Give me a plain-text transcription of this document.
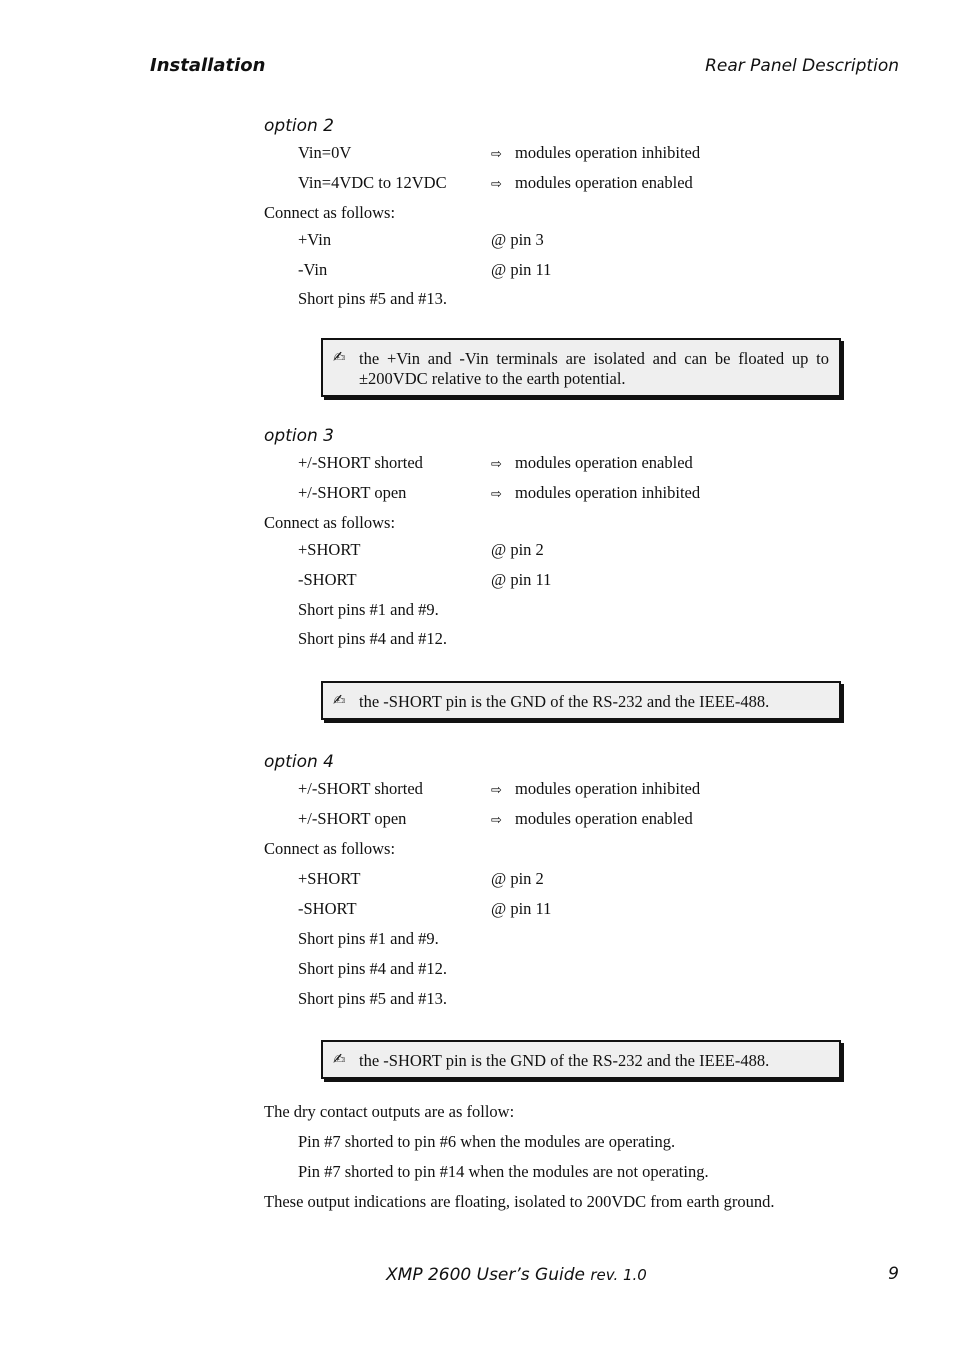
Installation	Rear Panel Description
option 2
Vin=0V	⇨ modules operation inhibited
Vin=4VDC to 12VDC	⇨ modules operation enabled
Connect as follows:
+Vin	@ pin 3
-Vin	@ pin 11
Short pins #5 and #13.
✍ the +Vin and -Vin terminals are isolated and can be floated up to ±200VDC relative to the earth potential.
option 3
+/-SHORT shorted	⇨ modules operation enabled
+/-SHORT open	⇨ modules operation inhibited
Connect as follows:
+SHORT	@ pin 2
-SHORT	@ pin 11
Short pins #1 and #9.
Short pins #4 and #12.
✍ the -SHORT pin is the GND of the RS-232 and the IEEE-488.
option 4
+/-SHORT shorted	⇨ modules operation inhibited
+/-SHORT open	⇨ modules operation enabled
Connect as follows:
+SHORT	@ pin 2
-SHORT	@ pin 11
Short pins #1 and #9.
Short pins #4 and #12.
Short pins #5 and #13.
✍ the -SHORT pin is the GND of the RS-232 and the IEEE-488.
The dry contact outputs are as follow:
Pin #7 shorted to pin #6 when the modules are operating.
Pin #7 shorted to pin #14 when the modules are not operating.
These output indications are floating, isolated to 200VDC from earth ground.
XMP 2600 User’s Guide rev. 1.0	9
